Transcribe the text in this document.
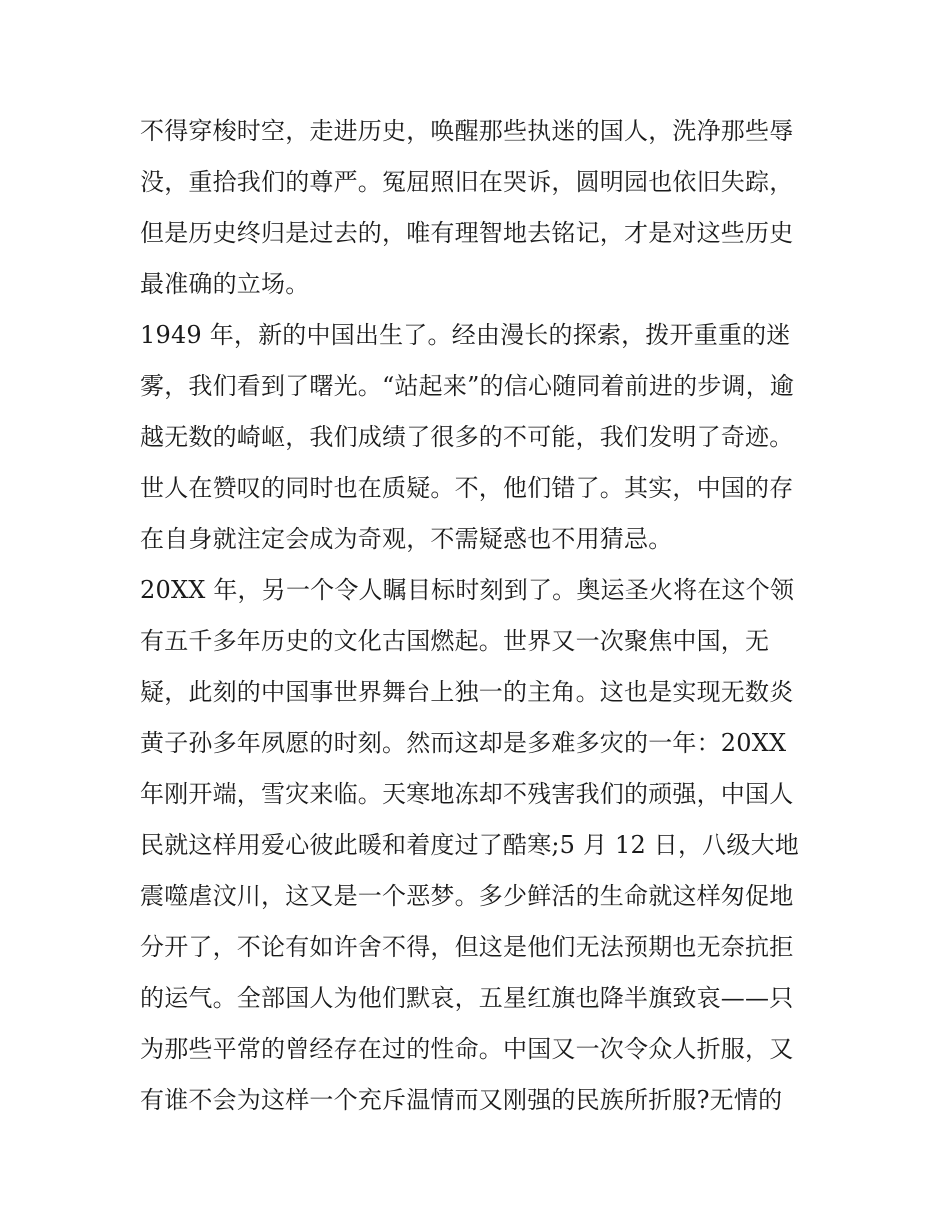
不得穿梭时空，走进历史，唤醒那些执迷的国人，洗净那些辱
没，重拾我们的尊严。冤屈照旧在哭诉，圆明园也依旧失踪，
但是历史终归是过去的，唯有理智地去铭记，才是对这些历史
最准确的立场。
1949 年，新的中国出生了。经由漫长的探索，拨开重重的迷
雾，我们看到了曙光。“站起来”的信心随同着前进的步调，逾
越无数的崎岖，我们成绩了很多的不可能，我们发明了奇迹。
世人在赞叹的同时也在质疑。不，他们错了。其实，中国的存
在自身就注定会成为奇观，不需疑惑也不用猜忌。
20XX 年，另一个令人瞩目标时刻到了。奥运圣火将在这个领
有五千多年历史的文化古国燃起。世界又一次聚焦中国，无
疑，此刻的中国事世界舞台上独一的主角。这也是实现无数炎
黄子孙多年夙愿的时刻。然而这却是多难多灾的一年：20XX
年刚开端，雪灾来临。天寒地冻却不残害我们的顽强，中国人
民就这样用爱心彼此暖和着度过了酷寒;5 月 12 日，八级大地
震噬虐汶川，这又是一个恶梦。多少鲜活的生命就这样匆促地
分开了，不论有如许舍不得，但这是他们无法预期也无奈抗拒
的运气。全部国人为他们默哀，五星红旗也降半旗致哀——只
为那些平常的曾经存在过的性命。中国又一次令众人折服，又
有谁不会为这样一个充斥温情而又刚强的民族所折服?无情的
